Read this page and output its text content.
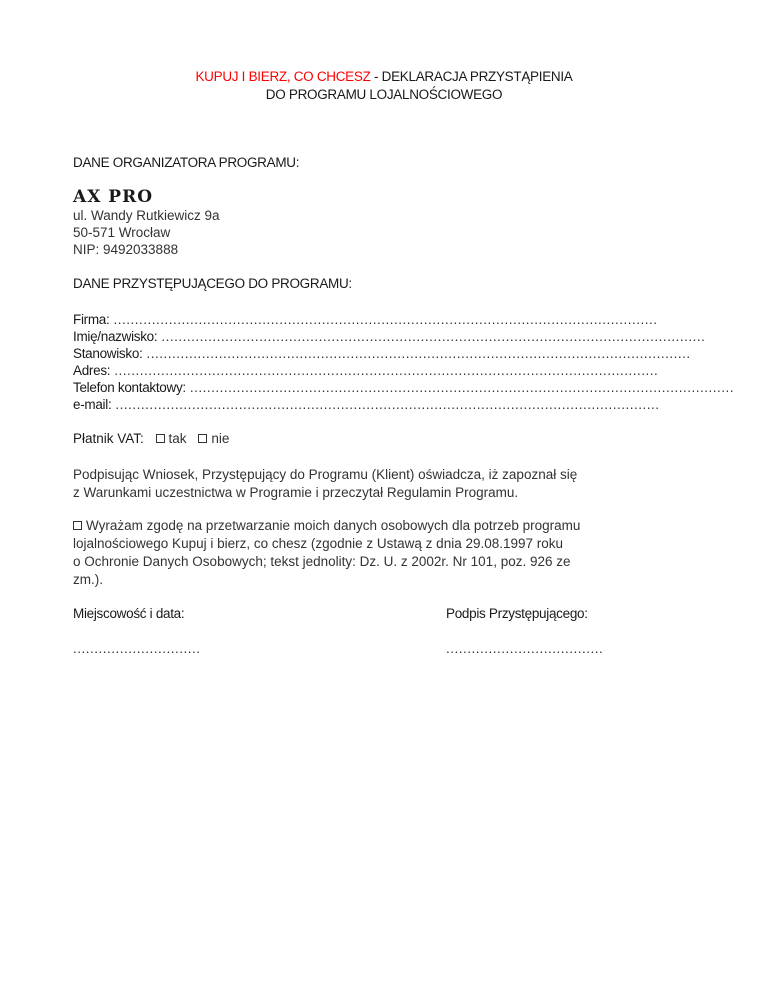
KUPUJ I BIERZ, CO CHCESZ - DEKLARACJA PRZYSTĄPIENIA
DO PROGRAMU LOJALNOŚCIOWEGO
DANE ORGANIZATORA PROGRAMU:
AX PRO
ul. Wandy Rutkiewicz 9a
50-571 Wrocław
NIP: 9492033888
DANE PRZYSTĘPUJĄCEGO DO PROGRAMU:
Firma: ................................................................................................................................
Imię/nazwisko: ................................................................................................................................
Stanowisko: ................................................................................................................................
Adres: ................................................................................................................................
Telefon kontaktowy: ................................................................................................................................
e-mail: ................................................................................................................................
Płatnik VAT: tak nie
Podpisując Wniosek, Przystępujący do Programu (Klient) oświadcza, iż zapoznał się
z Warunkami uczestnictwa w Programie i przeczytał Regulamin Programu.
Wyrażam zgodę na przetwarzanie moich danych osobowych dla potrzeb programu
lojalnościowego Kupuj i bierz, co chesz (zgodnie z Ustawą z dnia 29.08.1997 roku
o Ochronie Danych Osobowych; tekst jednolity: Dz. U. z 2002r. Nr 101, poz. 926 ze
zm.).
Miejscowość i data:	Podpis Przystępującego:
..............................	.....................................
